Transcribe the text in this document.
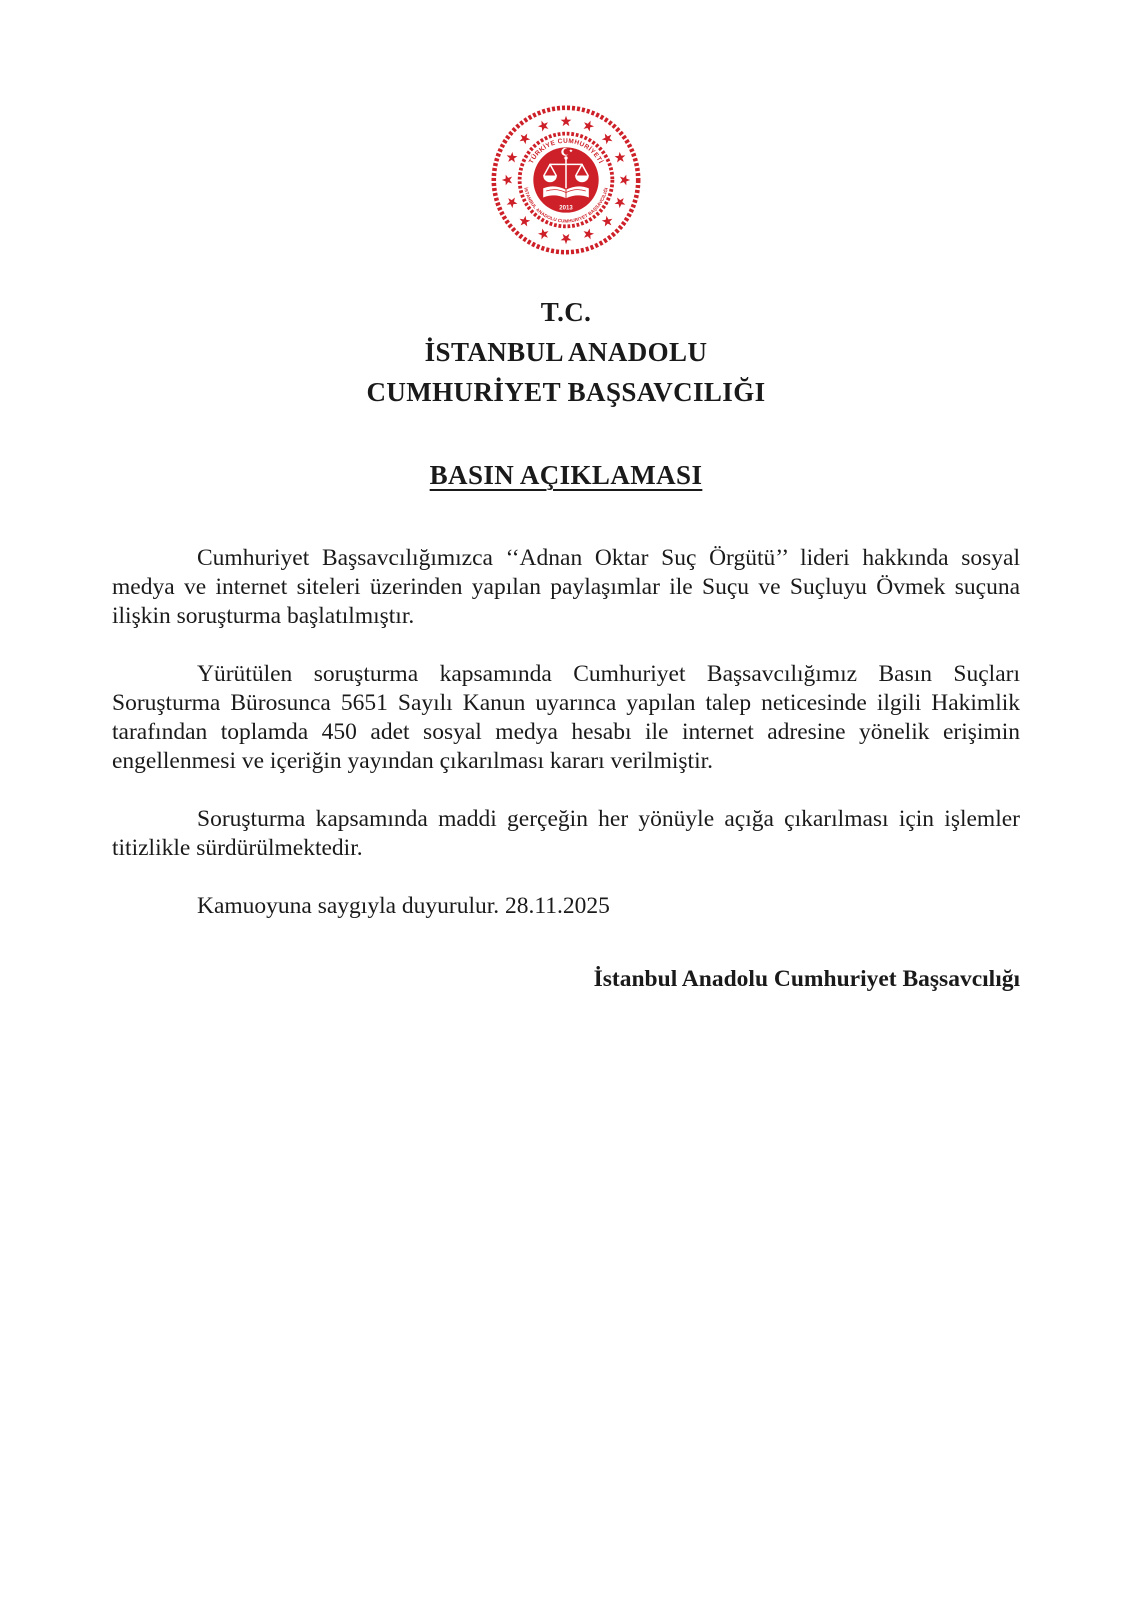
TÜRKİYE CUMHURİYETİ
İSTANBUL ANADOLU CUMHURİYET BAŞSAVCILIĞI
2013
T.C.
İSTANBUL ANADOLU
CUMHURİYET BAŞSAVCILIĞI
BASIN AÇIKLAMASI

Cumhuriyet Başsavcılığımızca ‘‘Adnan Oktar Suç Örgütü’’ lideri hakkında sosyal medya ve internet siteleri üzerinden yapılan paylaşımlar ile Suçu ve Suçluyu Övmek suçuna ilişkin soruşturma başlatılmıştır.

Yürütülen soruşturma kapsamında Cumhuriyet Başsavcılığımız Basın Suçları Soruşturma Bürosunca 5651 Sayılı Kanun uyarınca yapılan talep neticesinde ilgili Hakimlik tarafından toplamda 450 adet sosyal medya hesabı ile internet adresine yönelik erişimin engellenmesi ve içeriğin yayından çıkarılması kararı verilmiştir.

Soruşturma kapsamında maddi gerçeğin her yönüyle açığa çıkarılması için işlemler titizlikle sürdürülmektedir.

Kamuoyuna saygıyla duyurulur. 28.11.2025

İstanbul Anadolu Cumhuriyet Başsavcılığı
